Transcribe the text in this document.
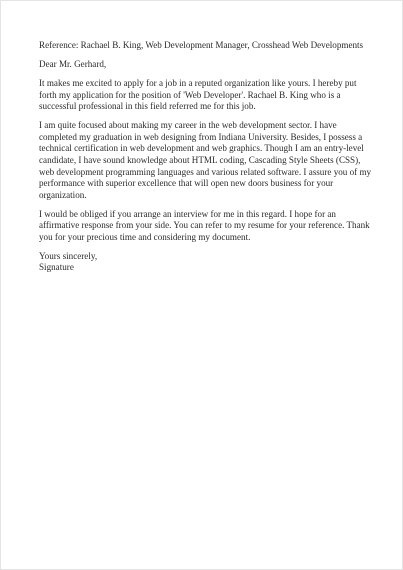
Reference: Rachael B. King, Web Development Manager, Crosshead Web Developments
Dear Mr. Gerhard,
It makes me excited to apply for a job in a reputed organization like yours. I hereby put
forth my application for the position of 'Web Developer'. Rachael B. King who is a
successful professional in this field referred me for this job.
I am quite focused about making my career in the web development sector. I have
completed my graduation in web designing from Indiana University. Besides, I possess a
technical certification in web development and web graphics. Though I am an entry-level
candidate, I have sound knowledge about HTML coding, Cascading Style Sheets (CSS),
web development programming languages and various related software. I assure you of my
performance with superior excellence that will open new doors business for your
organization.
I would be obliged if you arrange an interview for me in this regard. I hope for an
affirmative response from your side. You can refer to my resume for your reference. Thank
you for your precious time and considering my document.
Yours sincerely,
Signature
